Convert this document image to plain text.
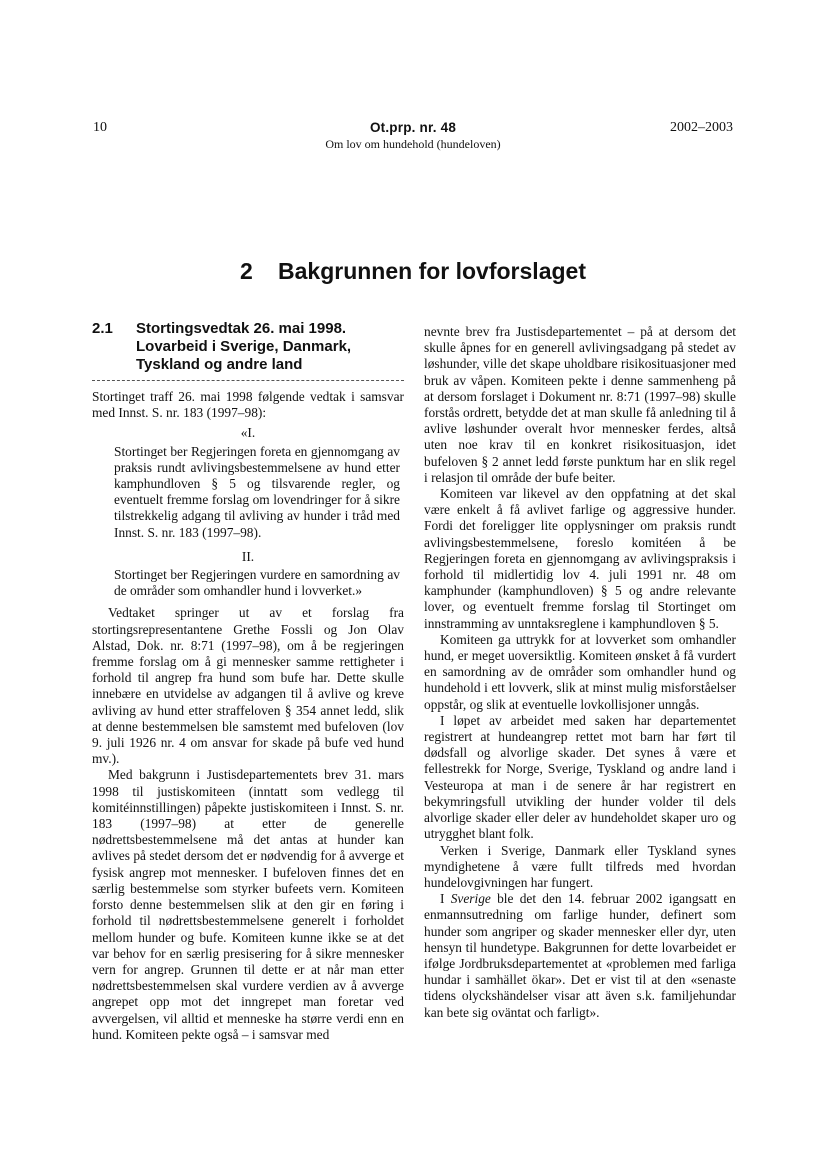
10	Ot.prp. nr. 48
Om lov om hundehold (hundeloven)
2002–2003
2 Bakgrunnen for lovforslaget
2.1 Stortingsvedtak 26. mai 1998.
Lovarbeid i Sverige, Danmark,
Tyskland og andre land

Stortinget traff 26. mai 1998 følgende vedtak i samsvar med Innst. S. nr. 183 (1997–98):

«I.

Stortinget ber Regjeringen foreta en gjennomgang av praksis rundt avlivingsbestemmelsene av hund etter kamphundloven § 5 og tilsvarende regler, og eventuelt fremme forslag om lovendringer for å sikre tilstrekkelig adgang til avliving av hunder i tråd med Innst. S. nr. 183 (1997–98).

II.

Stortinget ber Regjeringen vurdere en samordning av de områder som omhandler hund i lovverket.»

Vedtaket springer ut av et forslag fra stortingsrepresentantene Grethe Fossli og Jon Olav Alstad, Dok. nr. 8:71 (1997–98), om å be regjeringen fremme forslag om å gi mennesker samme rettigheter i forhold til angrep fra hund som bufe har. Dette skulle innebære en utvidelse av adgangen til å avlive og kreve avliving av hund etter straffeloven § 354 annet ledd, slik at denne bestemmelsen ble samstemt med bufeloven (lov 9. juli 1926 nr. 4 om ansvar for skade på bufe ved hund mv.).

Med bakgrunn i Justisdepartementets brev 31. mars 1998 til justiskomiteen (inntatt som vedlegg til komitéinnstillingen) påpekte justiskomiteen i Innst. S. nr. 183 (1997–98) at etter de generelle nødrettsbestemmelsene må det antas at hunder kan avlives på stedet dersom det er nødvendig for å avverge et fysisk angrep mot mennesker. I bufeloven finnes det en særlig bestemmelse som styrker bufeets vern. Komiteen forsto denne bestemmelsen slik at den gir en føring i forhold til nødrettsbestemmelsene generelt i forholdet mellom hunder og bufe. Komiteen kunne ikke se at det var behov for en særlig presisering for å sikre mennesker vern for angrep. Grunnen til dette er at når man etter nødrettsbestemmelsen skal vurdere verdien av å avverge angrepet opp mot det inngrepet man foretar ved avvergelsen, vil alltid et menneske ha større verdi enn en hund. Komiteen pekte også – i samsvar med

nevnte brev fra Justisdepartementet – på at dersom det skulle åpnes for en generell avlivingsadgang på stedet av løshunder, ville det skape uholdbare risikosituasjoner med bruk av våpen. Komiteen pekte i denne sammenheng på at dersom forslaget i Dokument nr. 8:71 (1997–98) skulle forstås ordrett, betydde det at man skulle få anledning til å avlive løshunder overalt hvor mennesker ferdes, altså uten noe krav til en konkret risikosituasjon, idet bufeloven § 2 annet ledd første punktum har en slik regel i relasjon til område der bufe beiter.

Komiteen var likevel av den oppfatning at det skal være enkelt å få avlivet farlige og aggressive hunder. Fordi det foreligger lite opplysninger om praksis rundt avlivingsbestemmelsene, foreslo komitéen å be Regjeringen foreta en gjennomgang av avlivingspraksis i forhold til midlertidig lov 4. juli 1991 nr. 48 om kamphunder (kamphundloven) § 5 og andre relevante lover, og eventuelt fremme forslag til Stortinget om innstramming av unntaksreglene i kamphundloven § 5.

Komiteen ga uttrykk for at lovverket som omhandler hund, er meget uoversiktlig. Komiteen ønsket å få vurdert en samordning av de områder som omhandler hund og hundehold i ett lovverk, slik at minst mulig misforståelser oppstår, og slik at eventuelle lovkollisjoner unngås.

I løpet av arbeidet med saken har departementet registrert at hundeangrep rettet mot barn har ført til dødsfall og alvorlige skader. Det synes å være et fellestrekk for Norge, Sverige, Tyskland og andre land i Vesteuropa at man i de senere år har registrert en bekymringsfull utvikling der hunder volder til dels alvorlige skader eller deler av hundeholdet skaper uro og utrygghet blant folk.

Verken i Sverige, Danmark eller Tyskland synes myndighetene å være fullt tilfreds med hvordan hundelovgivningen har fungert.

I Sverige ble det den 14. februar 2002 igangsatt en enmannsutredning om farlige hunder, definert som hunder som angriper og skader mennesker eller dyr, uten hensyn til hundetype. Bakgrunnen for dette lovarbeidet er ifølge Jordbruksdepartementet at «problemen med farliga hundar i samhället ökar». Det er vist til at den «senaste tidens olyckshändelser visar att även s.k. familjehundar kan bete sig oväntat och farligt».
